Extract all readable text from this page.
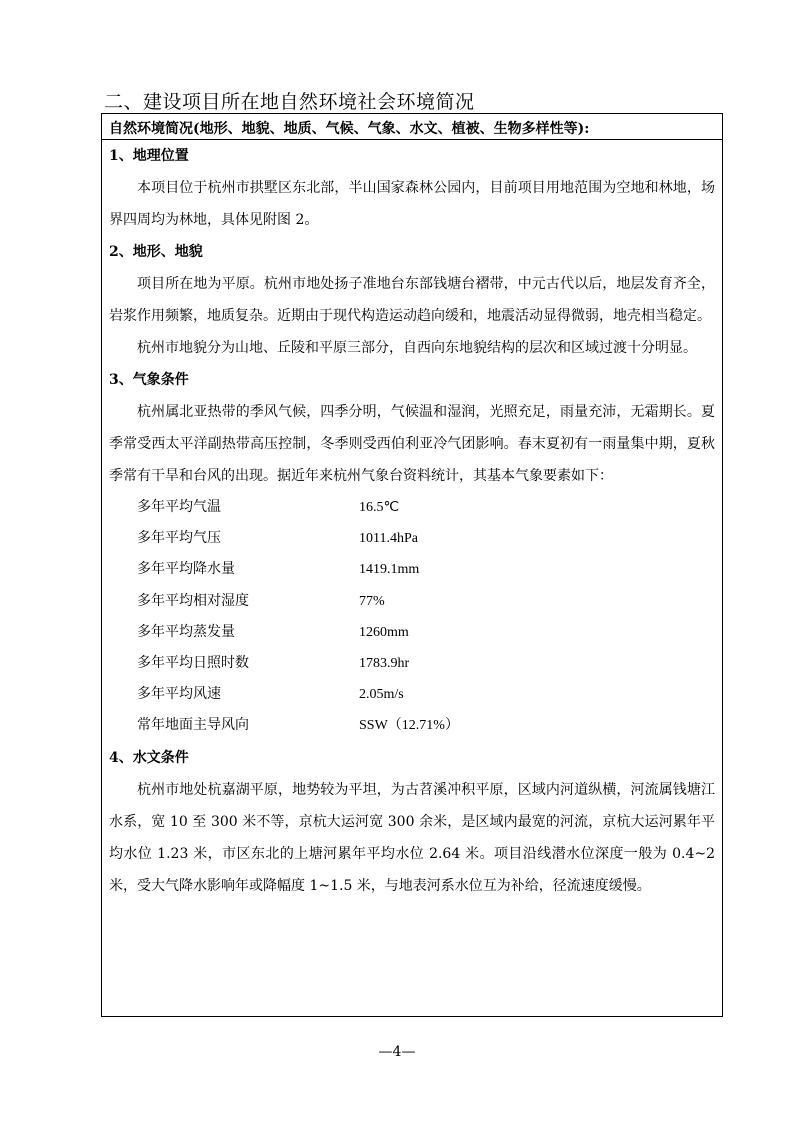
二、建设项目所在地自然环境社会环境简况
自然环境简况(地形、地貌、地质、气候、气象、水文、植被、生物多样性等):
1、地理位置

本项目位于杭州市拱墅区东北部，半山国家森林公园内，目前项目用地范围为空地和林地，场界四周均为林地，具体见附图 2。

2、地形、地貌

项目所在地为平原。杭州市地处扬子准地台东部钱塘台褶带，中元古代以后，地层发育齐全，岩浆作用频繁，地质复杂。近期由于现代构造运动趋向缓和，地震活动显得微弱，地壳相当稳定。

杭州市地貌分为山地、丘陵和平原三部分，自西向东地貌结构的层次和区域过渡十分明显。

3、气象条件

杭州属北亚热带的季风气候，四季分明，气候温和湿润，光照充足，雨量充沛，无霜期长。夏季常受西太平洋副热带高压控制，冬季则受西伯利亚冷气团影响。春末夏初有一雨量集中期，夏秋季常有干旱和台风的出现。据近年来杭州气象台资料统计，其基本气象要素如下：

多年平均气温	16.5℃
多年平均气压	1011.4hPa
多年平均降水量	1419.1mm
多年平均相对湿度	77%
多年平均蒸发量	1260mm
多年平均日照时数	1783.9hr
多年平均风速	2.05m/s
常年地面主导风向	SSW（12.71%）
4、水文条件

杭州市地处杭嘉湖平原，地势较为平坦，为古苕溪冲积平原，区域内河道纵横，河流属钱塘江水系，宽 10 至 300 米不等，京杭大运河宽 300 余米，是区域内最宽的河流，京杭大运河累年平均水位 1.23 米，市区东北的上塘河累年平均水位 2.64 米。项目沿线潜水位深度一般为 0.4~2 米，受大气降水影响年或降幅度 1~1.5 米，与地表河系水位互为补给，径流速度缓慢。

—4—
